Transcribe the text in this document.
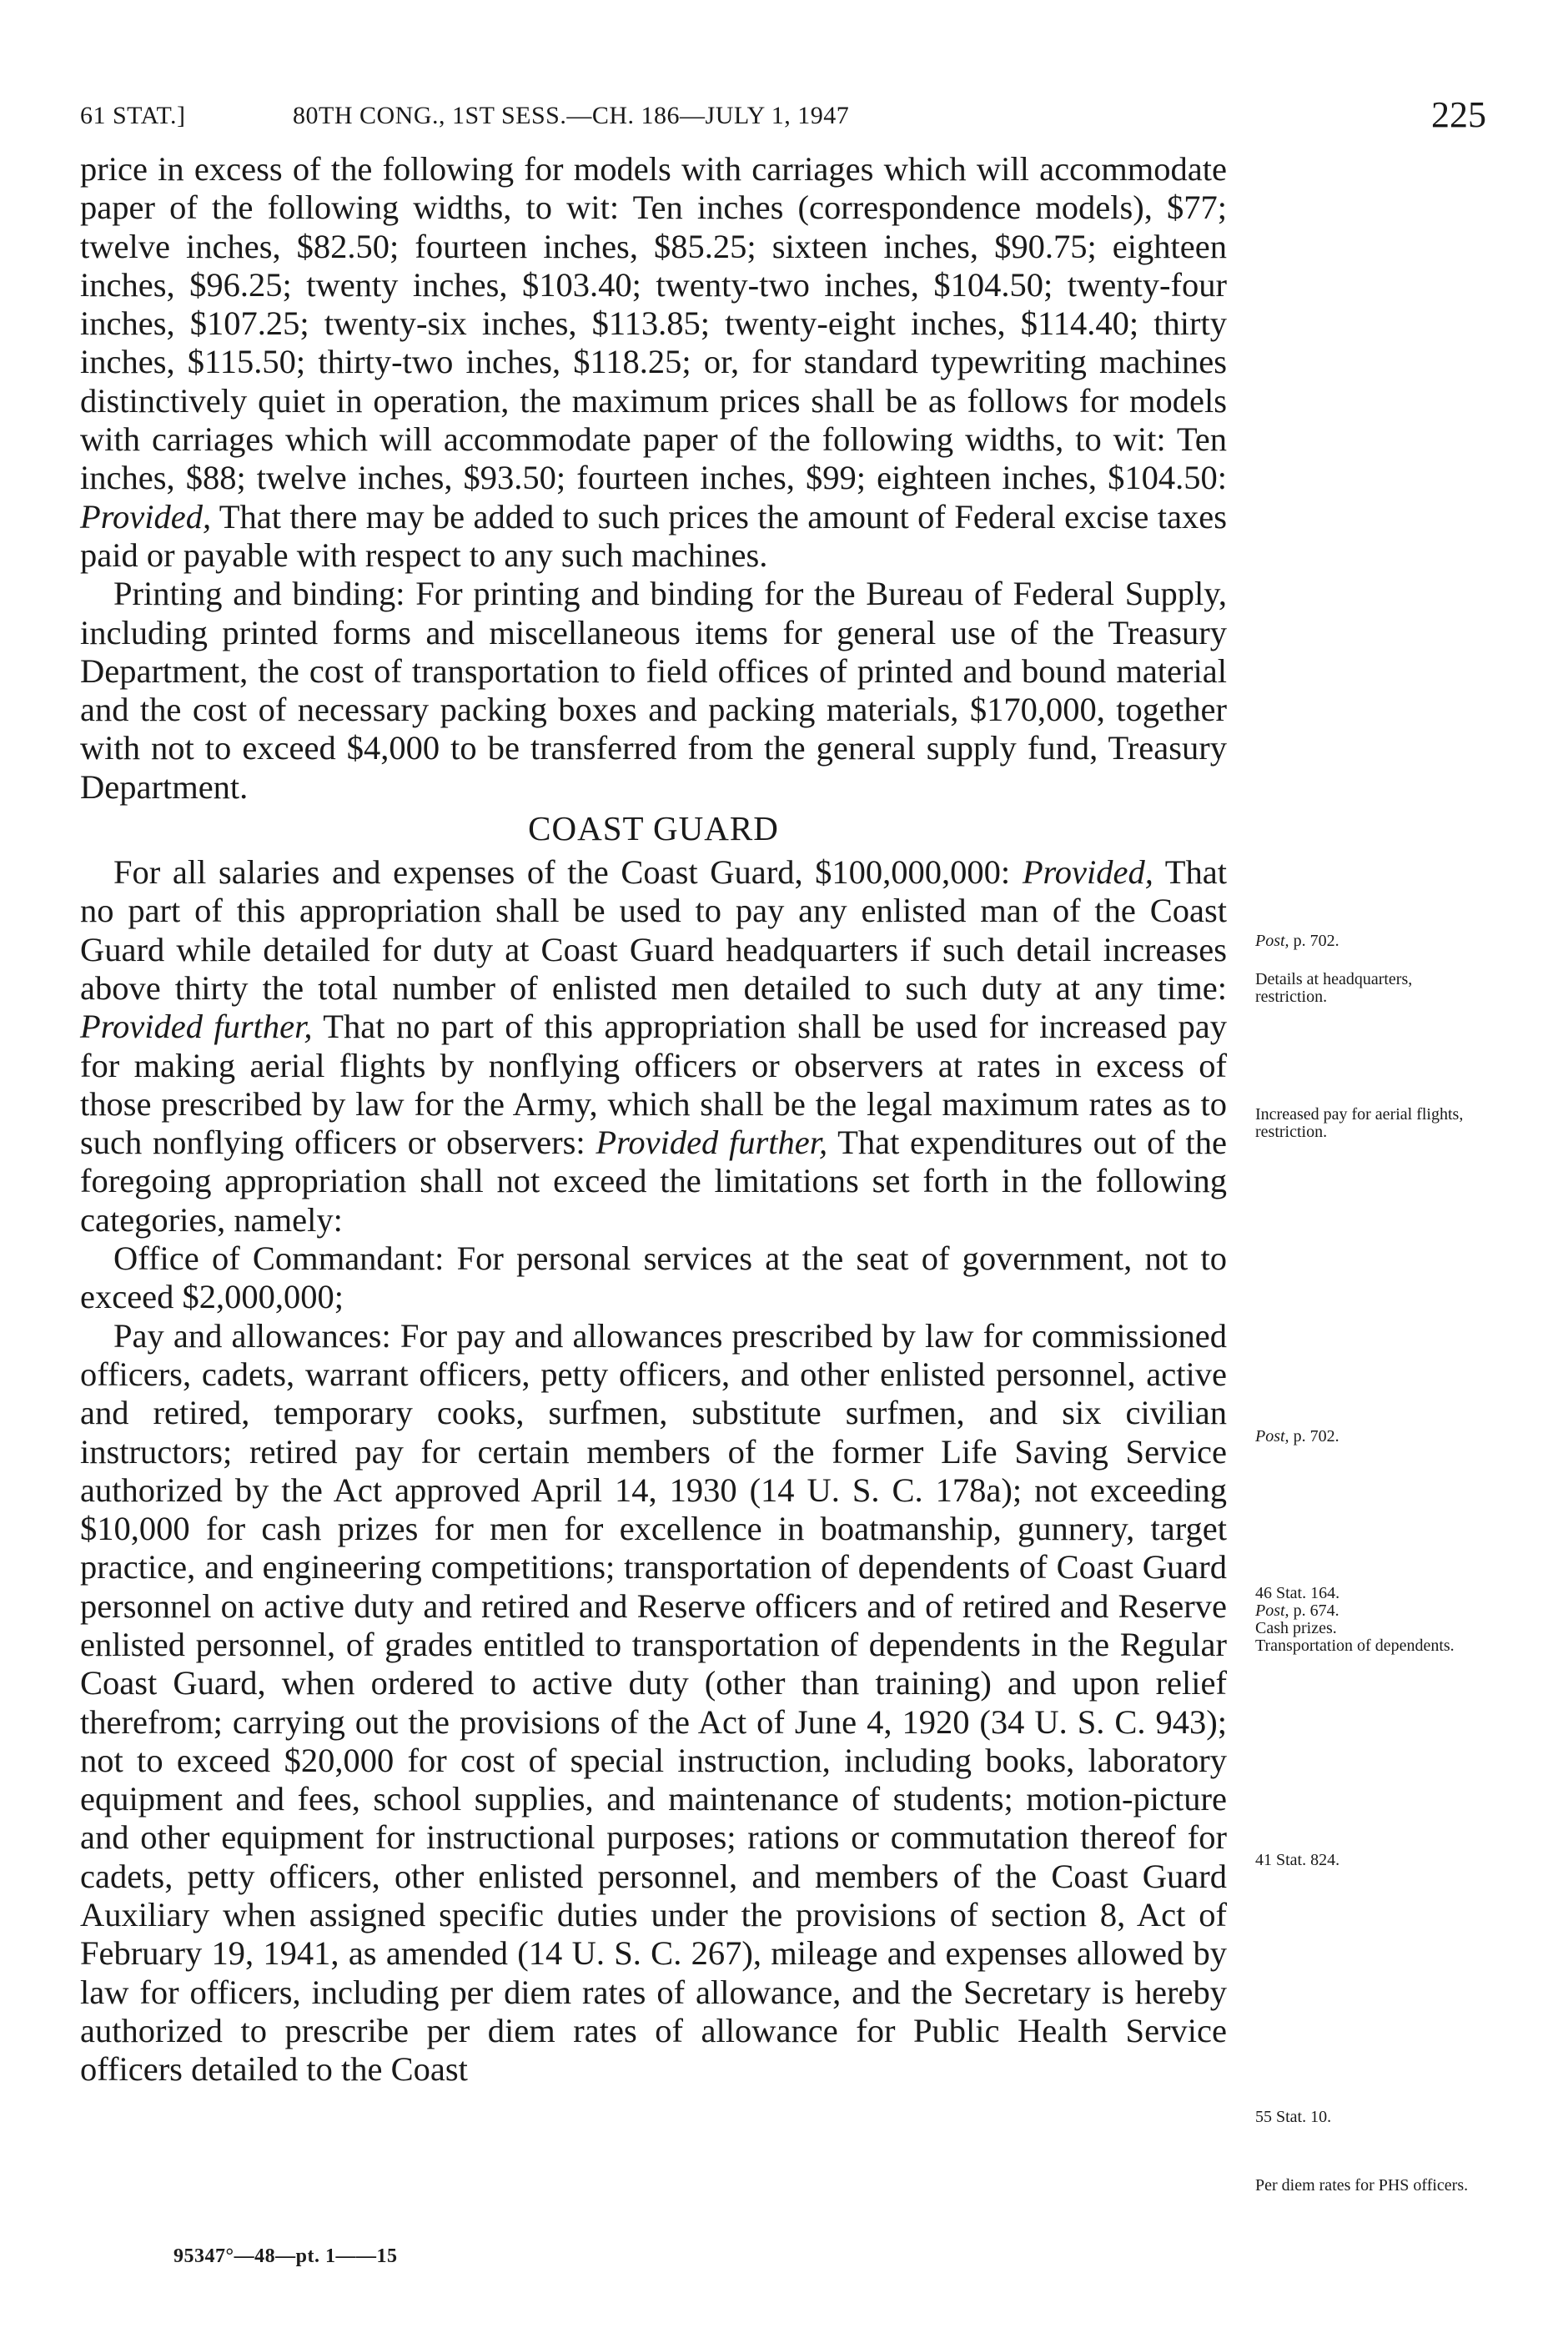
61 STAT.]	80TH CONG., 1ST SESS.—CH. 186—JULY 1, 1947	225

price in excess of the following for models with carriages which will accommodate paper of the following widths, to wit: Ten inches (correspondence models), $77; twelve inches, $82.50; fourteen inches, $85.25; sixteen inches, $90.75; eighteen inches, $96.25; twenty inches, $103.40; twenty-two inches, $104.50; twenty-four inches, $107.25; twenty-six inches, $113.85; twenty-eight inches, $114.40; thirty inches, $115.50; thirty-two inches, $118.25; or, for standard typewriting machines distinctively quiet in operation, the maximum prices shall be as follows for models with carriages which will accommodate paper of the following widths, to wit: Ten inches, $88; twelve inches, $93.50; fourteen inches, $99; eighteen inches, $104.50: Provided, That there may be added to such prices the amount of Federal excise taxes paid or payable with respect to any such machines.

Printing and binding: For printing and binding for the Bureau of Federal Supply, including printed forms and miscellaneous items for general use of the Treasury Department, the cost of transportation to field offices of printed and bound material and the cost of necessary packing boxes and packing materials, $170,000, together with not to exceed $4,000 to be transferred from the general supply fund, Treasury Department.

COAST GUARD

For all salaries and expenses of the Coast Guard, $100,000,000: Provided, That no part of this appropriation shall be used to pay any enlisted man of the Coast Guard while detailed for duty at Coast Guard headquarters if such detail increases above thirty the total number of enlisted men detailed to such duty at any time: Provided further, That no part of this appropriation shall be used for increased pay for making aerial flights by nonflying officers or observers at rates in excess of those prescribed by law for the Army, which shall be the legal maximum rates as to such nonflying officers or observers: Provided further, That expenditures out of the foregoing appropriation shall not exceed the limitations set forth in the following categories, namely:

Office of Commandant: For personal services at the seat of government, not to exceed $2,000,000;

Pay and allowances: For pay and allowances prescribed by law for commissioned officers, cadets, warrant officers, petty officers, and other enlisted personnel, active and retired, temporary cooks, surfmen, substitute surfmen, and six civilian instructors; retired pay for certain members of the former Life Saving Service authorized by the Act approved April 14, 1930 (14 U. S. C. 178a); not exceeding $10,000 for cash prizes for men for excellence in boatmanship, gunnery, target practice, and engineering competitions; transportation of dependents of Coast Guard personnel on active duty and retired and Reserve officers and of retired and Reserve enlisted personnel, of grades entitled to transportation of dependents in the Regular Coast Guard, when ordered to active duty (other than training) and upon relief therefrom; carrying out the provisions of the Act of June 4, 1920 (34 U. S. C. 943); not to exceed $20,000 for cost of special instruction, including books, laboratory equipment and fees, school supplies, and maintenance of students; motion-picture and other equipment for instructional purposes; rations or commutation thereof for cadets, petty officers, other enlisted personnel, and members of the Coast Guard Auxiliary when assigned specific duties under the provisions of section 8, Act of February 19, 1941, as amended (14 U. S. C. 267), mileage and expenses allowed by law for officers, including per diem rates of allowance, and the Secretary is hereby authorized to prescribe per diem rates of allowance for Public Health Service officers detailed to the Coast

Post, p. 702.
Details at headquarters, restriction.
Increased pay for aerial flights, restriction.
Post, p. 702.
46 Stat. 164.
Post, p. 674.
Cash prizes.
Transportation of dependents.
41 Stat. 824.
55 Stat. 10.
Per diem rates for PHS officers.
95347°—48—pt. 1——15
